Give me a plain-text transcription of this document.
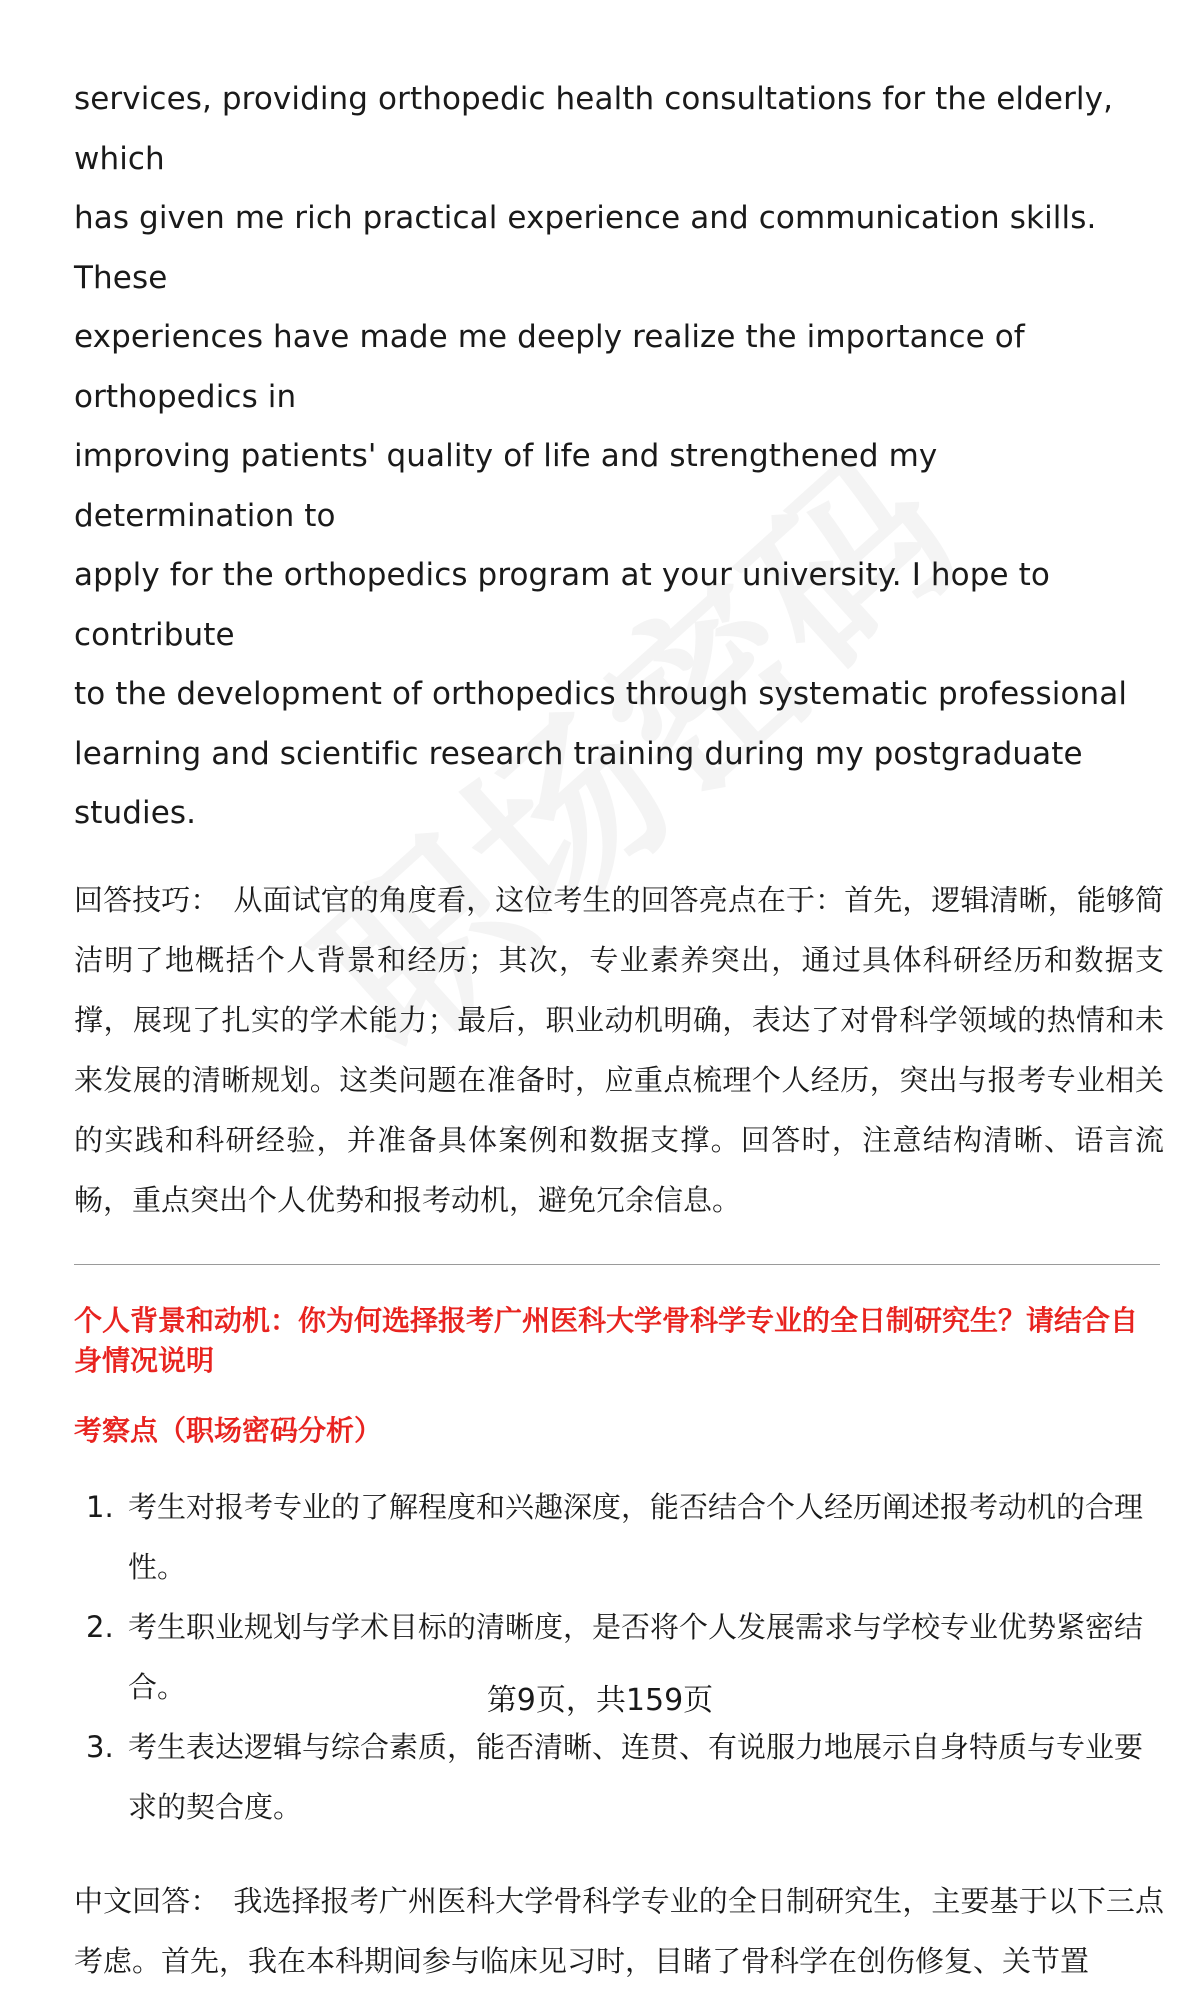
services, providing orthopedic health consultations for the elderly, which

has given me rich practical experience and communication skills. These

experiences have made me deeply realize the importance of orthopedics in

improving patients' quality of life and strengthened my determination to

apply for the orthopedics program at your university. I hope to contribute

to the development of orthopedics through systematic professional

learning and scientific research training during my postgraduate studies.

回答技巧： 从面试官的角度看，这位考生的回答亮点在于：首先，逻辑清晰，能够简洁明了地概括个人背景和经历；其次，专业素养突出，通过具体科研经历和数据支撑，展现了扎实的学术能力；最后，职业动机明确，表达了对骨科学领域的热情和未来发展的清晰规划。这类问题在准备时，应重点梳理个人经历，突出与报考专业相关的实践和科研经验，并准备具体案例和数据支撑。回答时，注意结构清晰、语言流畅，重点突出个人优势和报考动机，避免冗余信息。
个人背景和动机：你为何选择报考广州医科大学骨科学专业的全日制研究生？请结合自身情况说明
考察点（职场密码分析）
1. 考生对报考专业的了解程度和兴趣深度，能否结合个人经历阐述报考动机的合理性。
2. 考生职业规划与学术目标的清晰度，是否将个人发展需求与学校专业优势紧密结合。
3. 考生表达逻辑与综合素质，能否清晰、连贯、有说服力地展示自身特质与专业要求的契合度。
中文回答： 我选择报考广州医科大学骨科学专业的全日制研究生，主要基于以下三点考虑。首先，我在本科期间参与临床见习时，目睹了骨科学在创伤修复、关节置
第9页，共159页
